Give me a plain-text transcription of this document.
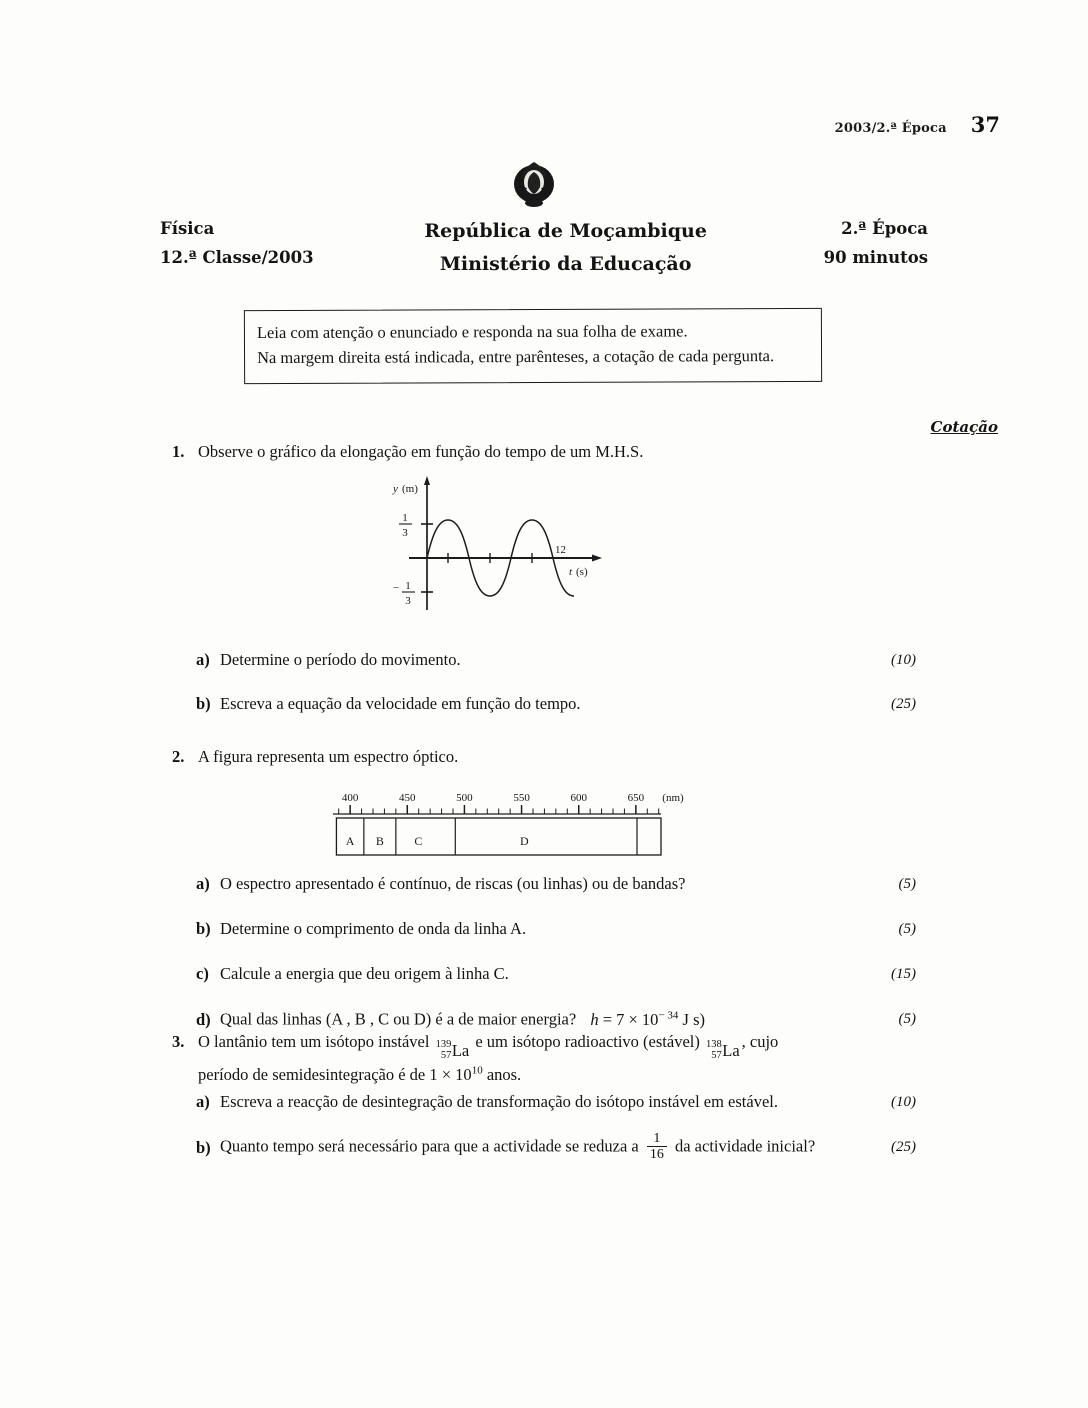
2003/2.ª Época 37
Física
12.ª Classe/2003
República de Moçambique
Ministério da Educação
2.ª Época
90 minutos

Leia com atenção o enunciado e responda na sua folha de exame.

Na margem direita está indicada, entre parênteses, a cotação de cada pergunta.

Cotação
1. Observe o gráfico da elongação em função do tempo de um M.H.S.
y (m)
t (s)
1
3
− 1
3
12
a) Determine o período do movimento.	(10)
b) Escreva a equação da velocidade em função do tempo.	(25)
2. A figura representa um espectro óptico.
400	450	500	550	600	650 (nm)
A B	C	D
a) O espectro apresentado é contínuo, de riscas (ou linhas) ou de bandas?	(5)
b) Determine o comprimento de onda da linha A.	(5)
c) Calcule a energia que deu origem à linha C.	(15)
d) Qual das linhas (A , B , C ou D) é a de maior energia? $h = 7 \times 10^{- 34}$ J s)	(5)
3. O lantânio tem um isótopo instável 139
57 La e um isótopo radioactivo (estável) 138
57 La , cujo
período de semidesintegração é de $1 \times 10^{10}$ anos.
a) Escreva a reacção de desintegração de transformação do isótopo instável em estável.	(10)
b) Quanto tempo será necessário para que a actividade se reduza a $\frac{1}{16}$ da actividade inicial?	(25)
